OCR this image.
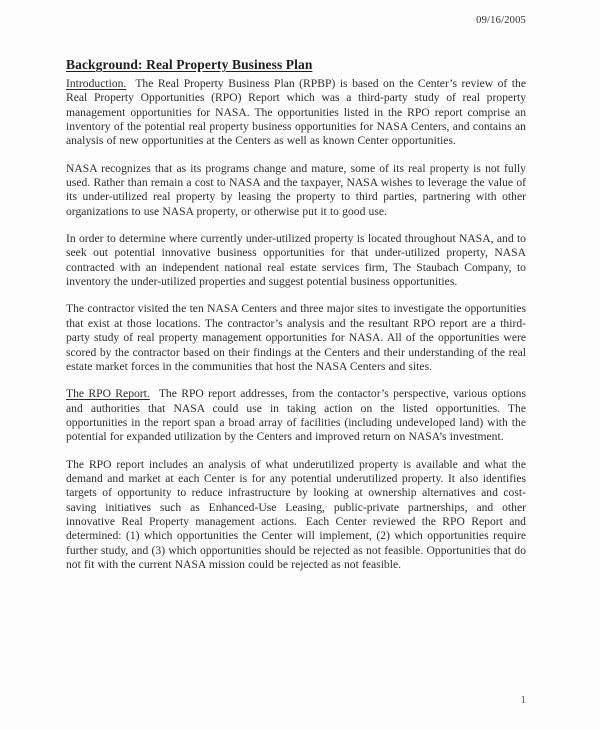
09/16/2005
Background: Real Property Business Plan

Introduction. The Real Property Business Plan (RPBP) is based on the Center’s review of the Real Property Opportunities (RPO) Report which was a third-party study of real property management opportunities for NASA. The opportunities listed in the RPO report comprise an inventory of the potential real property business opportunities for NASA Centers, and contains an analysis of new opportunities at the Centers as well as known Center opportunities.

NASA recognizes that as its programs change and mature, some of its real property is not fully used. Rather than remain a cost to NASA and the taxpayer, NASA wishes to leverage the value of its under-utilized real property by leasing the property to third parties, partnering with other organizations to use NASA property, or otherwise put it to good use.

In order to determine where currently under-utilized property is located throughout NASA, and to seek out potential innovative business opportunities for that under-utilized property, NASA contracted with an independent national real estate services firm, The Staubach Company, to inventory the under-utilized properties and suggest potential business opportunities.

The contractor visited the ten NASA Centers and three major sites to investigate the opportunities that exist at those locations. The contractor’s analysis and the resultant RPO report are a third-party study of real property management opportunities for NASA. All of the opportunities were scored by the contractor based on their findings at the Centers and their understanding of the real estate market forces in the communities that host the NASA Centers and sites.

The RPO Report. The RPO report addresses, from the contactor’s perspective, various options and authorities that NASA could use in taking action on the listed opportunities. The opportunities in the report span a broad array of facilities (including undeveloped land) with the potential for expanded utilization by the Centers and improved return on NASA’s investment.

The RPO report includes an analysis of what underutilized property is available and what the demand and market at each Center is for any potential underutilized property. It also identifies targets of opportunity to reduce infrastructure by looking at ownership alternatives and cost-saving initiatives such as Enhanced-Use Leasing, public-private partnerships, and other innovative Real Property management actions. Each Center reviewed the RPO Report and determined: (1) which opportunities the Center will implement, (2) which opportunities require further study, and (3) which opportunities should be rejected as not feasible. Opportunities that do not fit with the current NASA mission could be rejected as not feasible.

1
